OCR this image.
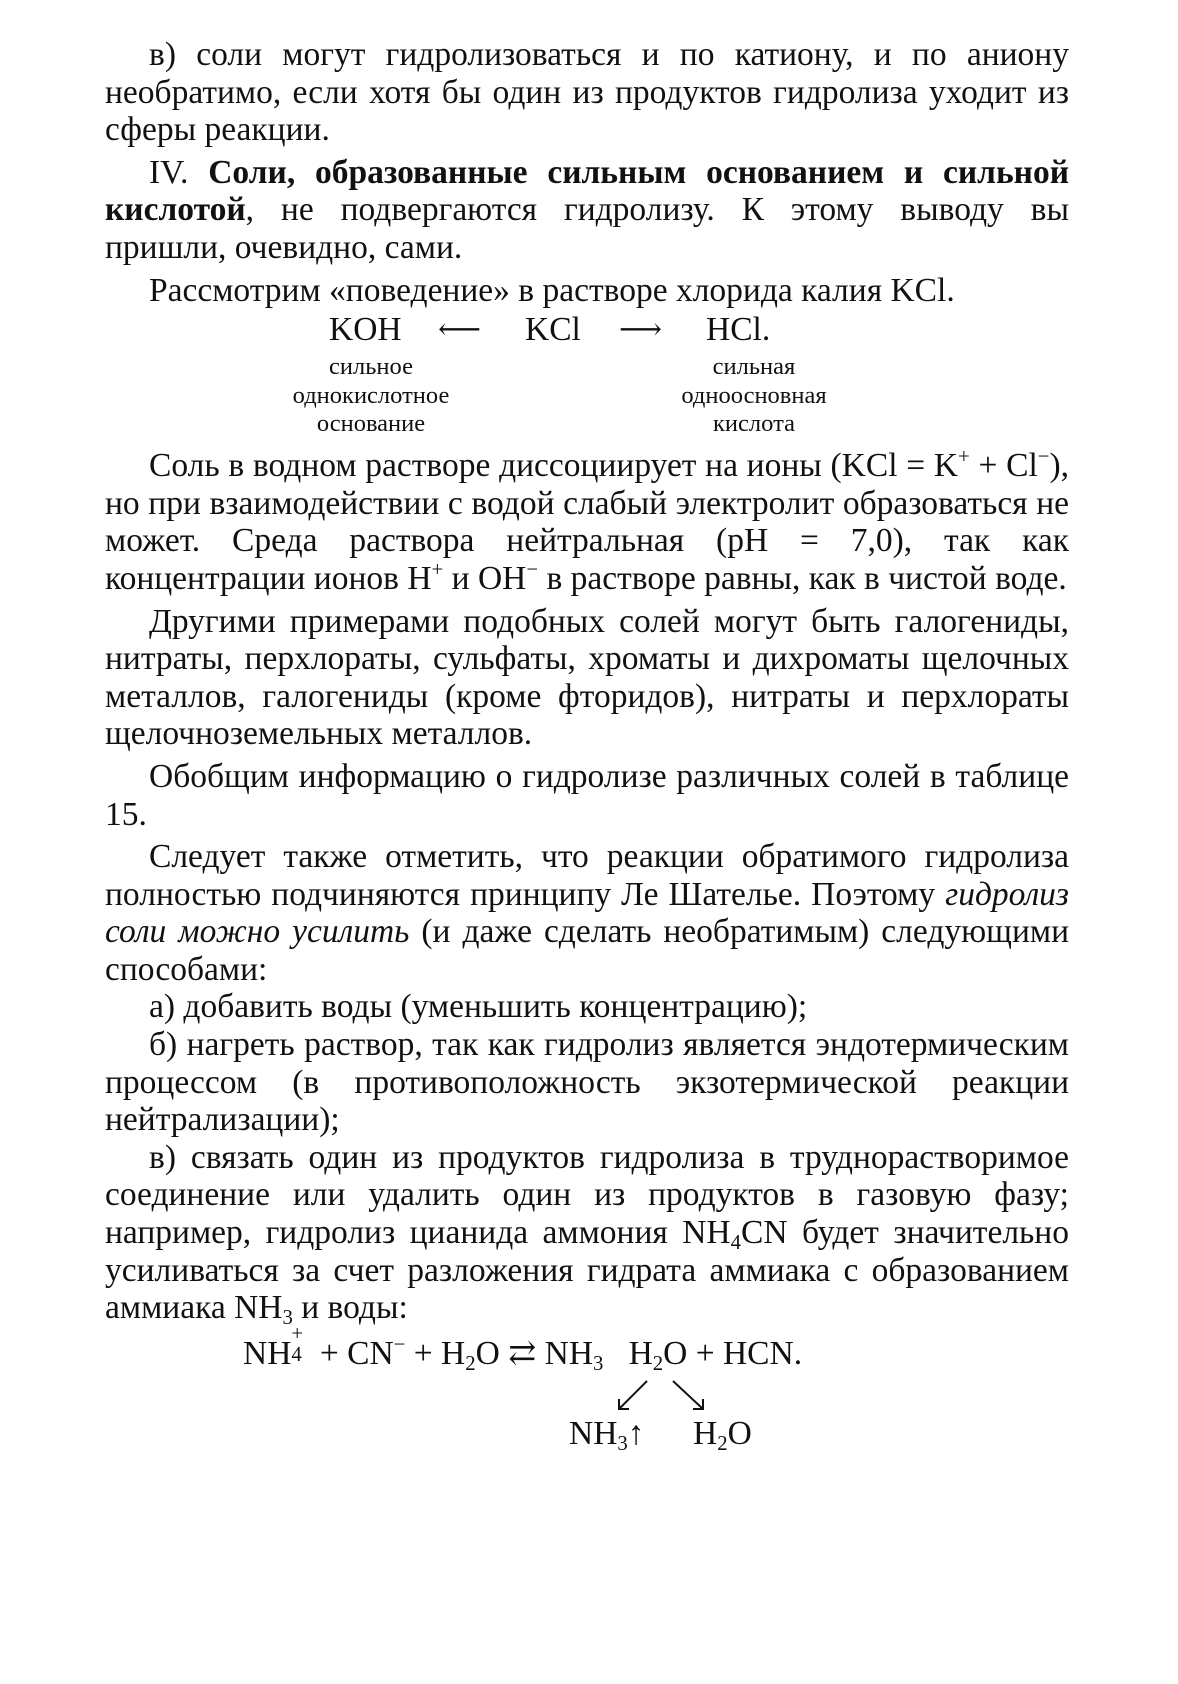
в) соли могут гидролизоваться и по катиону, и по аниону необратимо, если хотя бы один из продуктов гидролиза уходит из сферы реакции.

IV. Соли, образованные сильным основанием и сильной кислотой, не подвергаются гидролизу. К этому выводу вы пришли, очевидно, сами.

Рассмотрим «поведение» в растворе хлорида калия KCl.

KOH ⟵ KCl ⟶ HCl.
сильное
однокислотное
основание
сильная
одноосновная
кислота

Соль в водном растворе диссоциирует на ионы (KCl = K+ + Cl−), но при взаимодействии с водой слабый электролит образоваться не может. Среда раствора нейтральная (pH = 7,0), так как концентрации ионов H+ и OH− в растворе равны, как в чистой воде.

Другими примерами подобных солей могут быть галогениды, нитраты, перхлораты, сульфаты, хроматы и дихроматы щелочных металлов, галогениды (кроме фторидов), нитраты и перхлораты щелочноземельных металлов.

Обобщим информацию о гидролизе различных солей в таблице 15.

Следует также отметить, что реакции обратимого гидролиза полностью подчиняются принципу Ле Шателье. Поэтому гидролиз соли можно усилить (и даже сделать необратимым) следующими способами:

а) добавить воды (уменьшить концентрацию);

б) нагреть раствор, так как гидролиз является эндотермическим процессом (в противоположность экзотермической реакции нейтрализации);

в) связать один из продуктов гидролиза в труднорастворимое соединение или удалить один из продуктов в газовую фазу; например, гидролиз цианида аммония $NH_4CN$ будет значительно усиливаться за счет разложения гидрата аммиака с образованием аммиака $NH_3$ и воды:

NH
+
$4 + CN^- + H_2O$ ⇄ $NH_3$   $H_2O$ + HCN.
$NH_3↑$ $H_2O$
